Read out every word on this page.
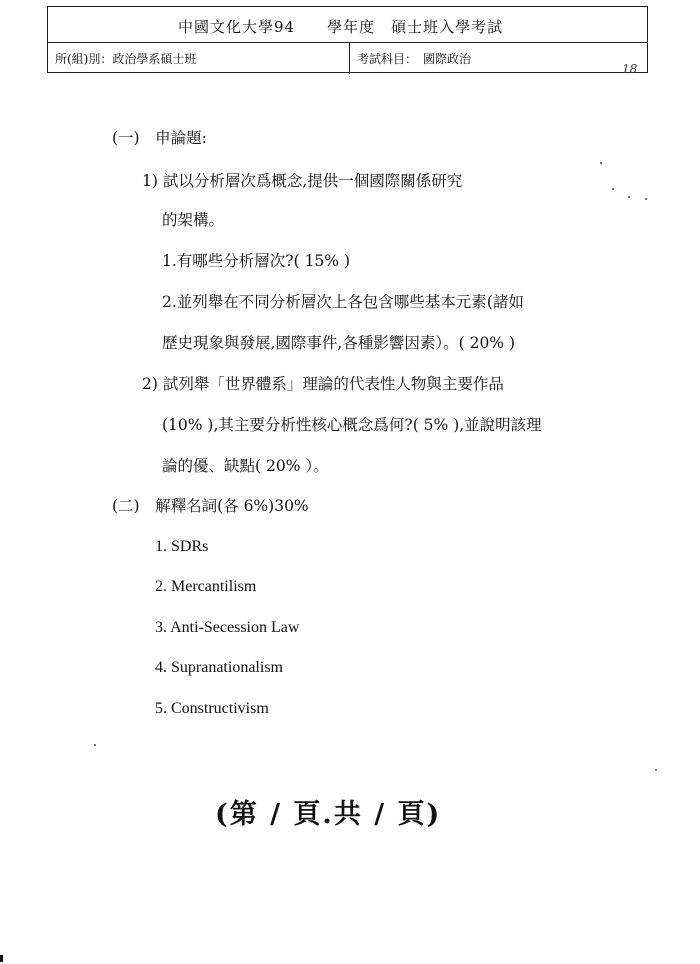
中國文化大學94　　學年度　碩士班入學考試
所(組)別：政治學系碩士班	考試科目：　國際政治
18
(一)　申論題:
1) 試以分析層次爲概念,提供一個國際關係研究
的架構。
1.有哪些分析層次?( 15% )
2.並列舉在不同分析層次上各包含哪些基本元素(諸如
歷史現象與發展,國際事件,各種影響因素）。( 20% )
2) 試列舉「世界體系」理論的代表性人物與主要作品
(10% ),其主要分析性核心概念爲何?( 5% ),並說明該理
論的優、缺點( 20% ）。
(二)　解釋名詞(各 6%)30%
1. SDRs
2. Mercantilism
3. Anti-Secession Law
4. Supranationalism
5. Constructivism
(第 / 頁.共 / 頁)
